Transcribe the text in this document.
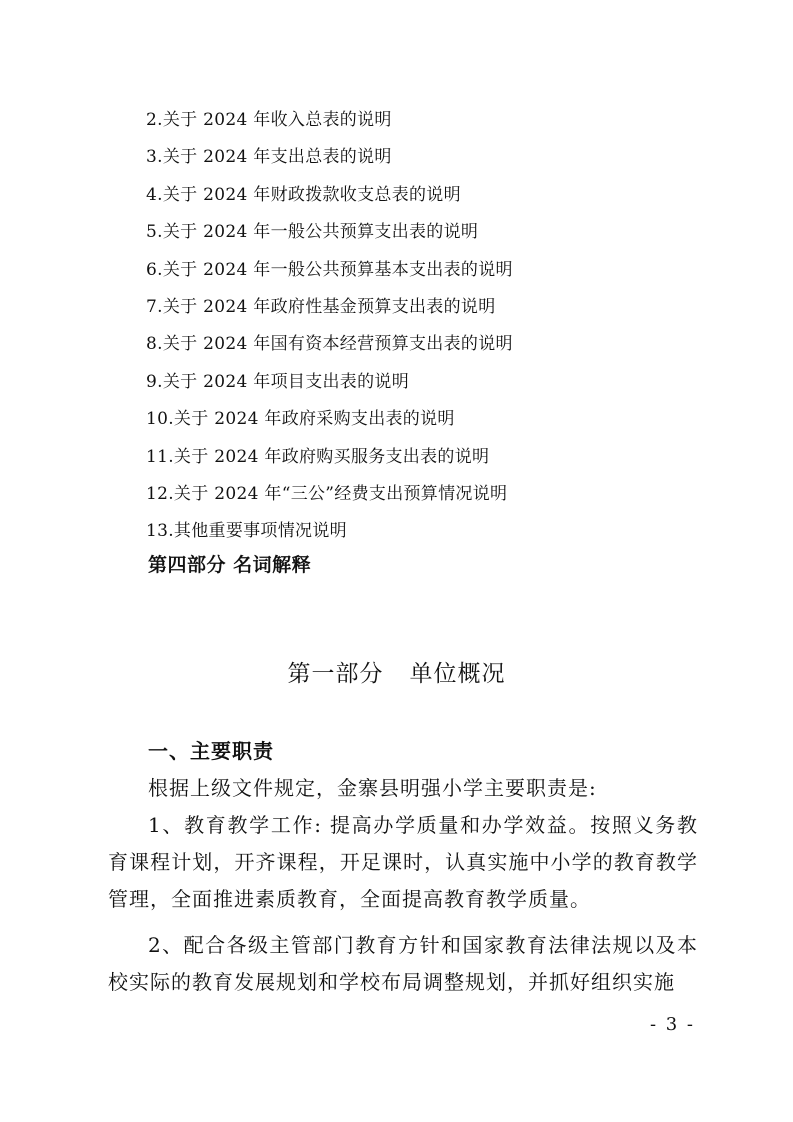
2.关于 2024 年收入总表的说明
3.关于 2024 年支出总表的说明
4.关于 2024 年财政拨款收支总表的说明
5.关于 2024 年一般公共预算支出表的说明
6.关于 2024 年一般公共预算基本支出表的说明
7.关于 2024 年政府性基金预算支出表的说明
8.关于 2024 年国有资本经营预算支出表的说明
9.关于 2024 年项目支出表的说明
10.关于 2024 年政府采购支出表的说明
11.关于 2024 年政府购买服务支出表的说明
12.关于 2024 年“三公”经费支出预算情况说明
13.其他重要事项情况说明
第四部分 名词解释
第一部分 单位概况
一、主要职责

根据上级文件规定，金寨县明强小学主要职责是:

1、教育教学工作: 提高办学质量和办学效益。按照义务教育课程计划，开齐课程，开足课时，认真实施中小学的教育教学管理，全面推进素质教育，全面提高教育教学质量。

2、配合各级主管部门教育方针和国家教育法律法规以及本校实际的教育发展规划和学校布局调整规划，并抓好组织实施

- 3 -
